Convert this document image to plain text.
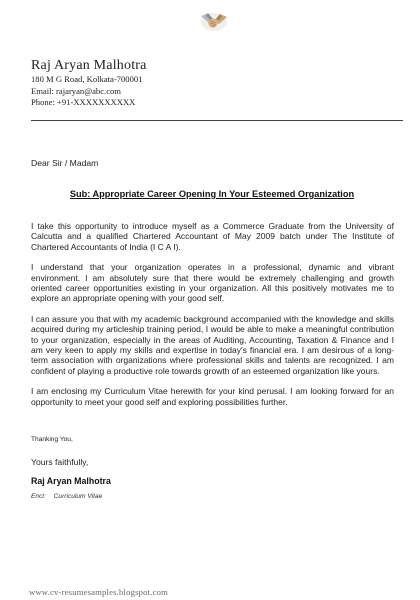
Raj Aryan Malhotra
180 M G Road, Kolkata-700001
Email: rajaryan@abc.com
Phone: +91-XXXXXXXXXX
Dear Sir / Madam
Sub: Appropriate Career Opening In Your Esteemed Organization

I take this opportunity to introduce myself as a Commerce Graduate from the University of Calcutta and a qualified Chartered Accountant of May 2009 batch under The Institute of Chartered Accountants of India (I C A I).

I understand that your organization operates in a professional, dynamic and vibrant environment. I am absolutely sure that there would be extremely challenging and growth oriented career opportunities existing in your organization. All this positively motivates me to explore an appropriate opening with your good self.

I can assure you that with my academic background accompanied with the knowledge and skills acquired during my articleship training period, I would be able to make a meaningful contribution to your organization, especially in the areas of Auditing, Accounting, Taxation & Finance and I am very keen to apply my skills and expertise in today's financial era. I am desirous of a long-term association with organizations where professional skills and talents are recognized. I am confident of playing a productive role towards growth of an esteemed organization like yours.

I am enclosing my Curriculum Vitae herewith for your kind perusal. I am looking forward for an opportunity to meet your good self and exploring possibilities further.

Thanking You,
Yours faithfully,
Raj Aryan Malhotra
Encl: Curriculum Vitae
www.cv-resumesamples.blogspot.com
